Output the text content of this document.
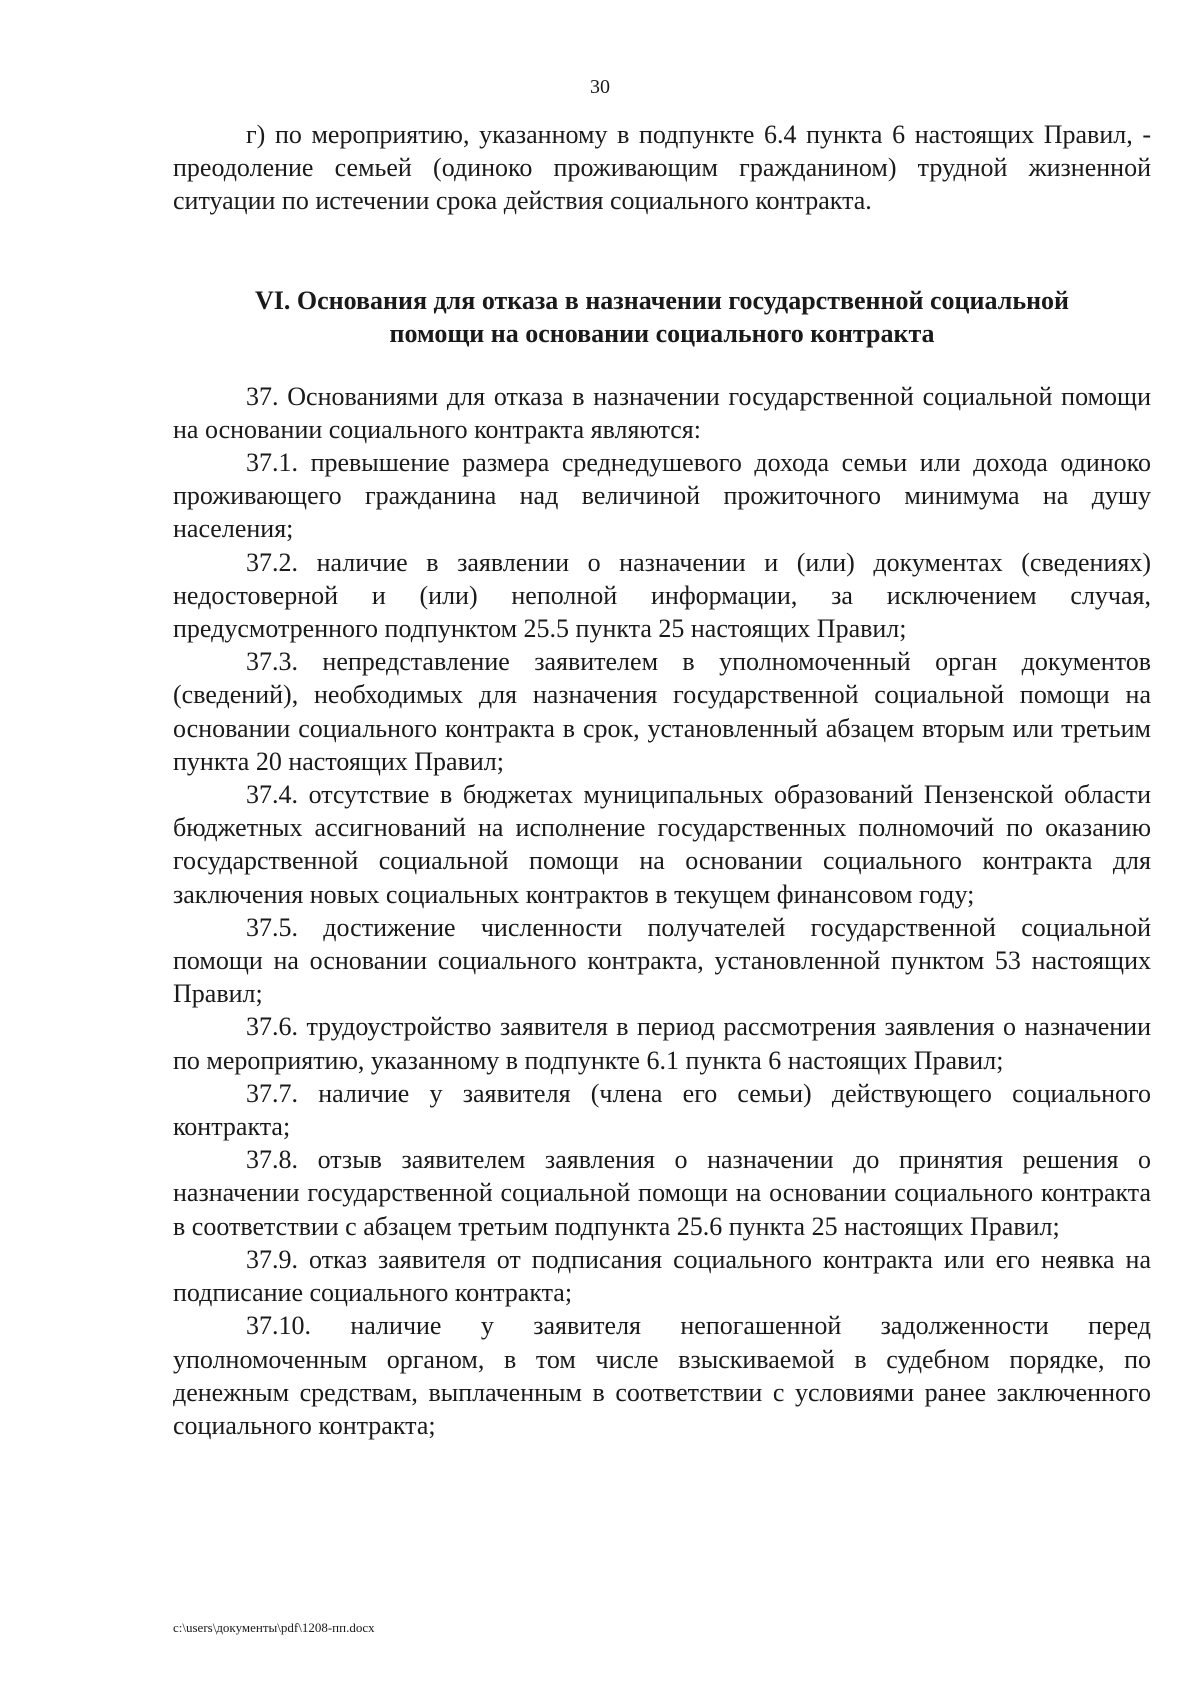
30

г) по мероприятию, указанному в подпункте 6.4 пункта 6 настоящих Правил, - преодоление семьей (одиноко проживающим гражданином) трудной жизненной ситуации по истечении срока действия социального контракта.

VI. Основания для отказа в назначении государственной социальной
помощи на основании социального контракта

37. Основаниями для отказа в назначении государственной социальной помощи на основании социального контракта являются:

37.1. превышение размера среднедушевого дохода семьи или дохода одиноко проживающего гражданина над величиной прожиточного минимума на душу населения;

37.2. наличие в заявлении о назначении и (или) документах (сведениях) недостоверной и (или) неполной информации, за исключением случая, предусмотренного подпунктом 25.5 пункта 25 настоящих Правил;

37.3. непредставление заявителем в уполномоченный орган документов (сведений), необходимых для назначения государственной социальной помощи на основании социального контракта в срок, установленный абзацем вторым или третьим пункта 20 настоящих Правил;

37.4. отсутствие в бюджетах муниципальных образований Пензенской области бюджетных ассигнований на исполнение государственных полномочий по оказанию государственной социальной помощи на основании социального контракта для заключения новых социальных контрактов в текущем финансовом году;

37.5. достижение численности получателей государственной социальной помощи на основании социального контракта, установленной пунктом 53 настоящих Правил;

37.6. трудоустройство заявителя в период рассмотрения заявления о назначении по мероприятию, указанному в подпункте 6.1 пункта 6 настоящих Правил;

37.7. наличие у заявителя (члена его семьи) действующего социального контракта;

37.8. отзыв заявителем заявления о назначении до принятия решения о назначении государственной социальной помощи на основании социального контракта в соответствии с абзацем третьим подпункта 25.6 пункта 25 настоящих Правил;

37.9. отказ заявителя от подписания социального контракта или его неявка на подписание социального контракта;

37.10. наличие у заявителя непогашенной задолженности перед уполномоченным органом, в том числе взыскиваемой в судебном порядке, по денежным средствам, выплаченным в соответствии с условиями ранее заключенного социального контракта;

c:\users\документы\pdf\1208-пп.docx
